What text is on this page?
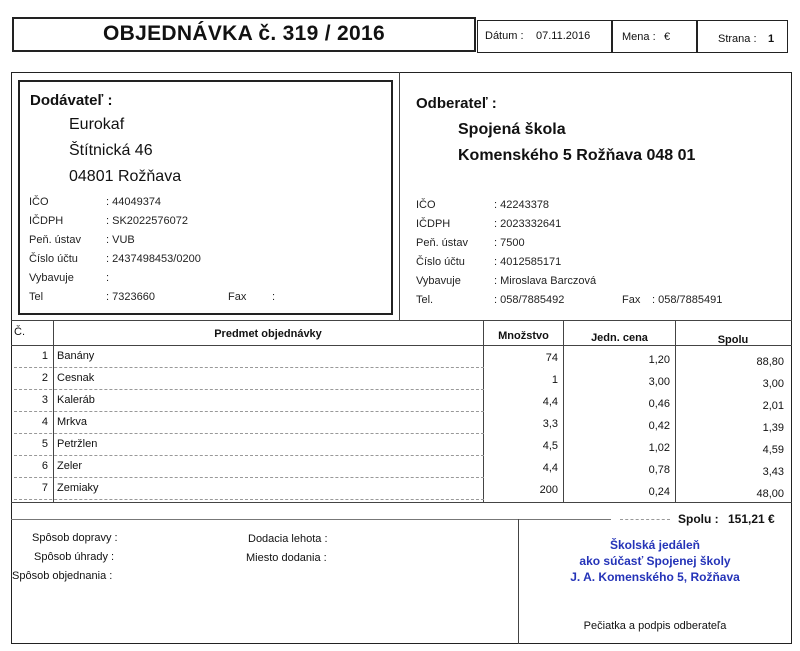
OBJEDNÁVKA č. 319 / 2016	Dátum : 07.11.2016	Mena : €	Strana : 1
Dodávateľ :
Eurokaf
Štítnická 46
04801 Rožňava
IČO	: 44049374
IČDPH	: SK2022576072
Peň. ústav : VUB
Číslo účtu	: 2437498453/0200
Vybavuje	:
Tel	: 7323660	Fax :
Odberateľ :
Spojená škola
Komenského 5 Rožňava 048 01
IČO	: 42243378
IČDPH	: 2023332641
Peň. ústav : 7500
Číslo účtu	: 4012585171
Vybavuje	: Miroslava Barczová
Tel.	: 058/7885492	Fax : 058/7885491
Č.	Predmet objednávky	Množstvo	Jedn. cena	Spolu
1 Banány	74	1,20	88,80
2 Cesnak	1	3,00	3,00
3 Kaleráb	4,4	0,46	2,01
4 Mrkva	3,3	0,42	1,39
5 Petržlen	4,5	1,02	4,59
6 Zeler	4,4	0,78	3,43
7 Zemiaky	200	0,24	48,00
Spolu : 151,21 €
Spôsob dopravy :
Spôsob úhrady :
Spôsob objednania :
Dodacia lehota :
Miesto dodania :
Školská jedáleň
ako súčasť Spojenej školy
J. A. Komenského 5, Rožňava
Pečiatka a podpis odberateľa
